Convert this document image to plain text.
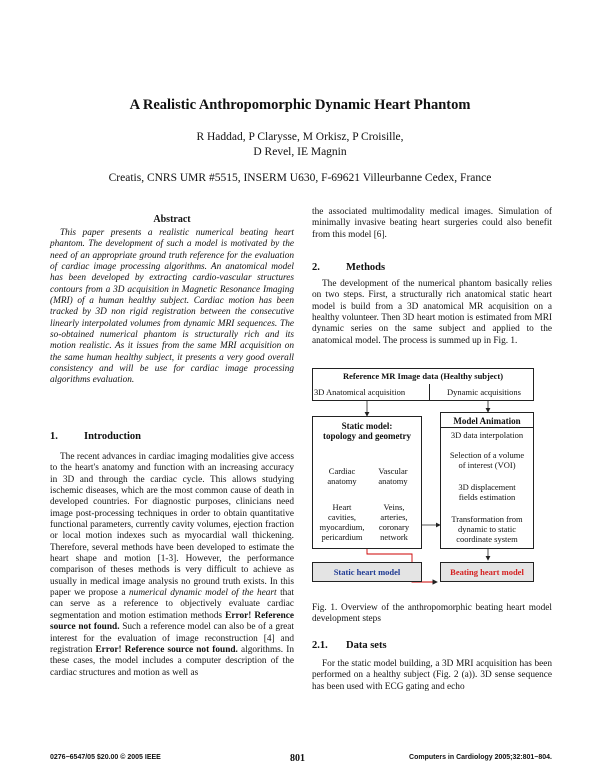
A Realistic Anthropomorphic Dynamic Heart Phantom
R Haddad, P Clarysse, M Orkisz, P Croisille,
D Revel, IE Magnin
Creatis, CNRS UMR #5515, INSERM U630, F-69621 Villeurbanne Cedex, France
Abstract

This paper presents a realistic numerical beating heart phantom. The development of such a model is motivated by the need of an appropriate ground truth reference for the evaluation of cardiac image processing algorithms. An anatomical model has been developed by extracting cardio-vascular structures contours from a 3D acquisition in Magnetic Resonance Imaging (MRI) of a human healthy subject. Cardiac motion has been tracked by 3D non rigid registration between the consecutive linearly interpolated volumes from dynamic MRI sequences. The so-obtained numerical phantom is structurally rich and its motion realistic. As it issues from the same MRI acquisition on the same human healthy subject, it presents a very good overall consistency and will be use for cardiac image processing algorithms evaluation.

1. Introduction

The recent advances in cardiac imaging modalities give access to the heart's anatomy and function with an increasing accuracy in 3D and through the cardiac cycle. This allows studying ischemic diseases, which are the most common cause of death in developed countries. For diagnostic purposes, clinicians need image post-processing techniques in order to obtain quantitative functional parameters, currently cavity volumes, ejection fraction or local motion indexes such as myocardial wall thickening. Therefore, several methods have been developed to estimate the heart shape and motion [1-3]. However, the performance comparison of theses methods is very difficult to achieve as usually in medical image analysis no ground truth exists. In this paper we propose a numerical dynamic model of the heart that can serve as a reference to objectively evaluate cardiac segmentation and motion estimation methods Error! Reference source not found. Such a reference model can also be of a great interest for the evaluation of image reconstruction [4] and registration Error! Reference source not found. algorithms. In these cases, the model includes a computer description of the cardiac structures and motion as well as

the associated multimodality medical images. Simulation of minimally invasive beating heart surgeries could also benefit from this model [6].
2. Methods

The development of the numerical phantom basically relies on two steps. First, a structurally rich anatomical static heart model is build from a 3D anatomical MR acquisition on a healthy volunteer. Then 3D heart motion is estimated from MRI dynamic series on the same subject and applied to the anatomical model. The process is summed up in Fig. 1.

Reference MR Image data (Healthy subject)
3D Anatomical acquisition	Dynamic acquisitions
Static model:
topology and geometry
Cardiac
anatomy
Vascular
anatomy
Heart
cavities,
myocardium,
pericardium
Veins,
arteries,
coronary
network
Model Animation
3D data interpolation
Selection of a volume
of interest (VOI)
3D displacement
fields estimation
Transformation from
dynamic to static
coordinate system
Static heart model	Beating heart model

Fig. 1. Overview of the anthropomorphic beating heart model development steps

2.1. Data sets

For the static model building, a 3D MRI acquisition has been performed on a healthy subject (Fig. 2 (a)). 3D sense sequence has been used with ECG gating and echo

0276−6547/05 $20.00 © 2005 IEEE	801	Computers in Cardiology 2005;32:801−804.
